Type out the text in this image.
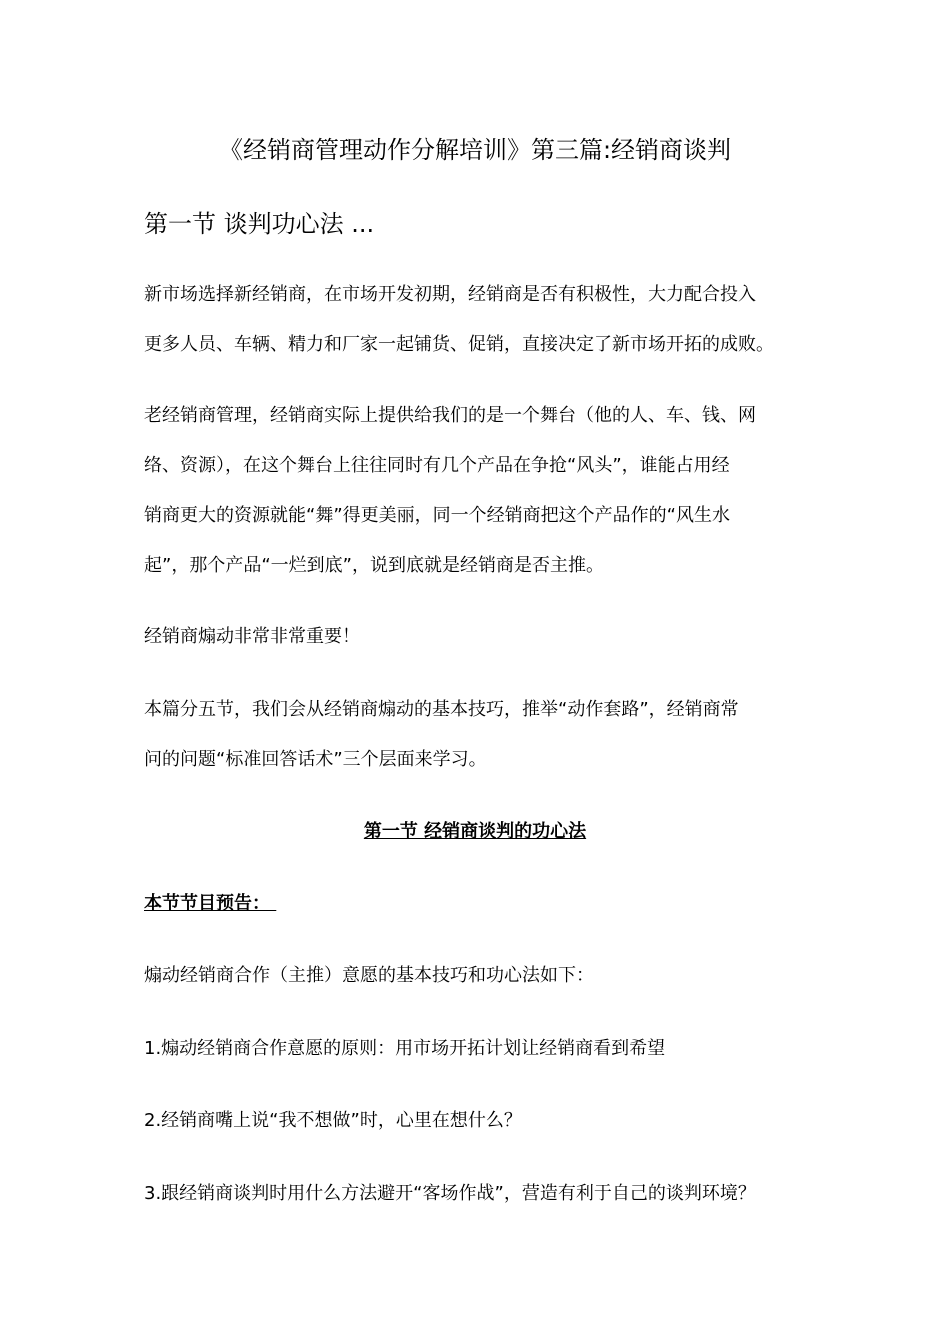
《经销商管理动作分解培训》第三篇:经销商谈判
第一节 谈判功心法 ...

新市场选择新经销商，在市场开发初期，经销商是否有积极性，大力配合投入
更多人员、车辆、精力和厂家一起铺货、促销，直接决定了新市场开拓的成败。

老经销商管理，经销商实际上提供给我们的是一个舞台（他的人、车、钱、网
络、资源），在这个舞台上往往同时有几个产品在争抢“风头”，谁能占用经
销商更大的资源就能“舞”得更美丽，同一个经销商把这个产品作的“风生水
起”，那个产品“一烂到底”，说到底就是经销商是否主推。

经销商煽动非常非常重要！

本篇分五节，我们会从经销商煽动的基本技巧，推举“动作套路”，经销商常
问的问题“标准回答话术”三个层面来学习。

第一节 经销商谈判的功心法
本节节目预告：
煽动经销商合作（主推）意愿的基本技巧和功心法如下：
1.煽动经销商合作意愿的原则：用市场开拓计划让经销商看到希望
2.经销商嘴上说“我不想做”时，心里在想什么？
3.跟经销商谈判时用什么方法避开“客场作战”，营造有利于自己的谈判环境？
